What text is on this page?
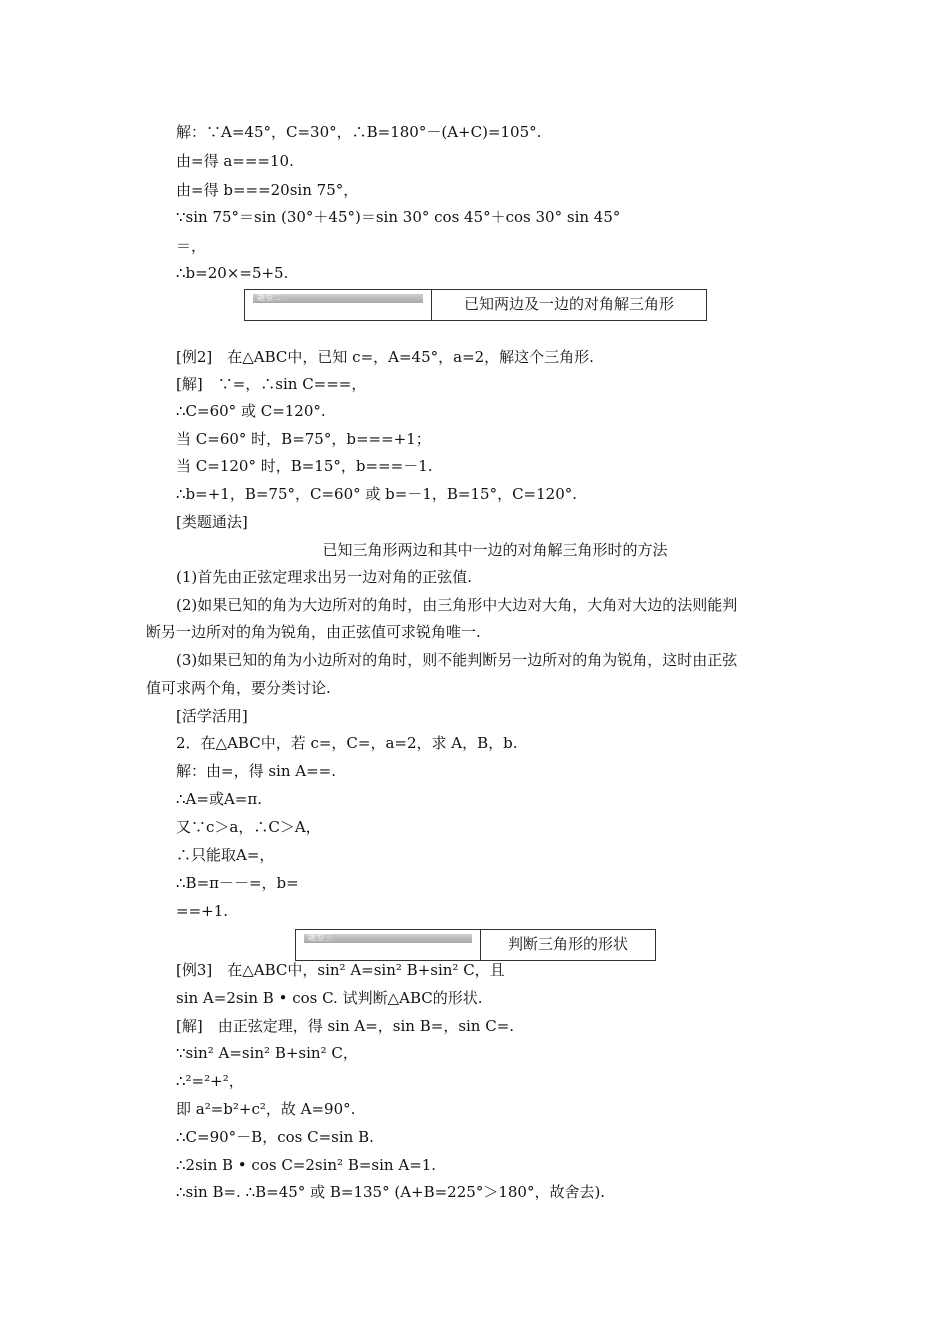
解：∵A=45°，C=30°，∴B=180°－(A+C)=105°.
由=得 a===10.
由=得 b===20sin 75°，
∵sin 75°＝sin (30°＋45°)＝sin 30° cos 45°＋cos 30° sin 45°
＝，
∴b=20×=5+5.
题型二	已知两边及一边的对角解三角形
[例2]　在△ABC中，已知 c=，A=45°，a=2，解这个三角形.
[解]　∵=，∴sin C===，
∴C=60° 或 C=120°.
当 C=60° 时，B=75°，b===+1；
当 C=120° 时，B=15°，b===－1.
∴b=+1，B=75°，C=60° 或 b=－1，B=15°，C=120°.
[类题通法]
已知三角形两边和其中一边的对角解三角形时的方法
(1)首先由正弦定理求出另一边对角的正弦值.
(2)如果已知的角为大边所对的角时，由三角形中大边对大角，大角对大边的法则能判
断另一边所对的角为锐角，由正弦值可求锐角唯一.
(3)如果已知的角为小边所对的角时，则不能判断另一边所对的角为锐角，这时由正弦
值可求两个角，要分类讨论.
[活学活用]
2．在△ABC中，若 c=，C=，a=2，求 A，B，b.
解：由=，得 sin A==.
∴A=或A=π.
又∵c＞a，∴C＞A，
∴只能取A=，
∴B=π－－=，b=
==+1.
题型三	判断三角形的形状
[例3]　在△ABC中，sin² A=sin² B+sin² C，且
sin A=2sin B • cos C. 试判断△ABC的形状.
[解]　由正弦定理，得 sin A=，sin B=，sin C=.
∵sin² A=sin² B+sin² C，
∴²=²+²，
即 a²=b²+c²，故 A=90°.
∴C=90°－B，cos C=sin B.
∴2sin B • cos C=2sin² B=sin A=1.
∴sin B=. ∴B=45° 或 B=135° (A+B=225°＞180°，故舍去).
